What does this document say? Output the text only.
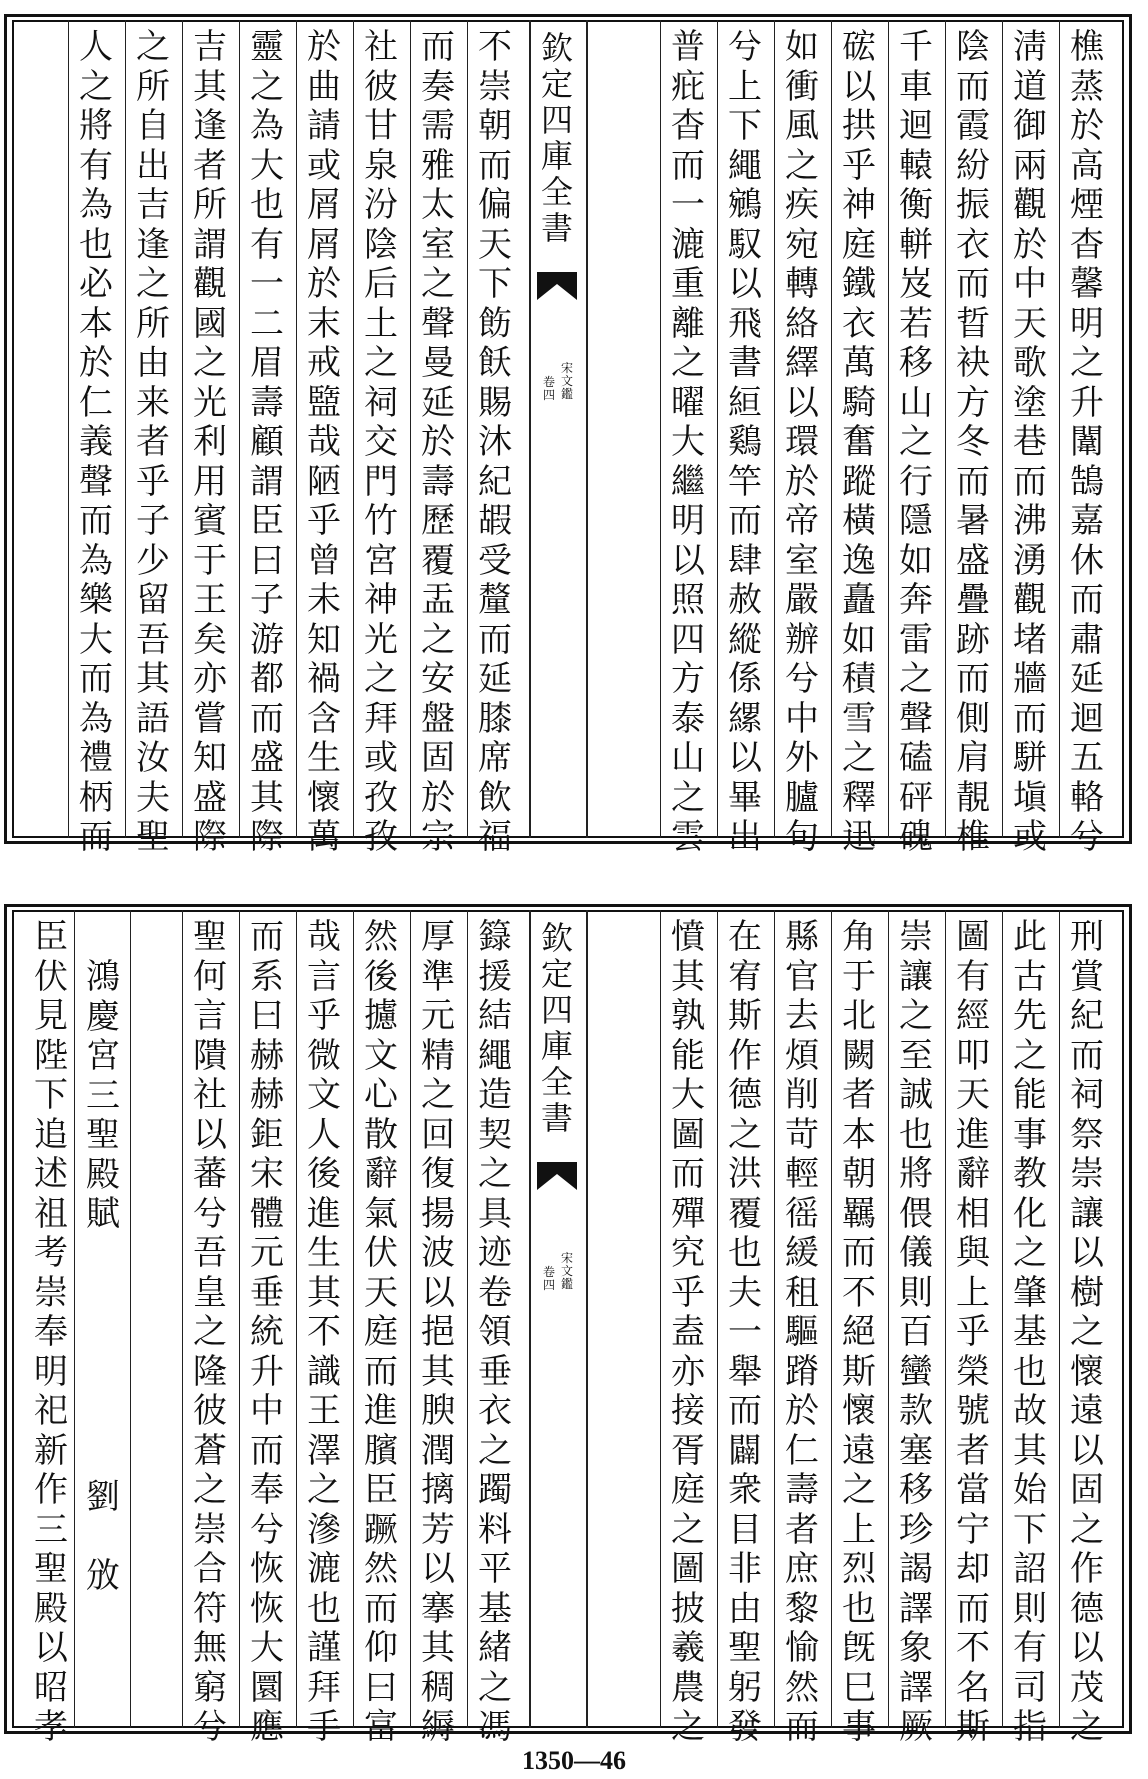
欽
定
四
庫
全
書
宋
文
鑑
卷
四
樵
蒸
於
高
煙
杳
馨
明
之
升
闈
鵠
嘉
休
而
肅
延
迴
五
輅
兮
淸
道
御
兩
觀
於
中
天
歌
塗
巷
而
沸
湧
觀
堵
牆
而
駢
塡
或
陰
而
霞
紛
振
衣
而
晢
袂
方
冬
而
暑
盛
疊
跡
而
側
肩
靚
椎
千
車
迴
轅
衡
軿
岌
若
移
山
之
行
隱
如
奔
雷
之
聲
磕
砰
磈
硡
以
拱
乎
神
庭
鐵
衣
萬
騎
奮
蹤
橫
逸
矗
如
積
雪
之
釋
迅
如
衝
風
之
疾
宛
轉
絡
繹
以
環
於
帝
室
嚴
辦
兮
中
外
臚
句
兮
上
下
繩
鵷
馭
以
飛
書
絙
鷄
竿
而
肆
赦
縱
係
縲
以
畢
出
普
疪
杳
而
一
漉
重
離
之
曜
大
繼
明
以
照
四
方
泰
山
之
雲
不
崇
朝
而
偏
天
下
飭
飫
賜
沐
紀
嘏
受
釐
而
延
膝
席
飲
福
而
奏
需
雅
太
室
之
聲
曼
延
於
壽
歷
覆
盂
之
安
盤
固
於
宗
社
彼
甘
泉
汾
陰
后
土
之
祠
交
門
竹
宮
神
光
之
拜
或
孜
孜
於
曲
請
或
屑
屑
於
末
戒
盬
哉
陋
乎
曾
未
知
禍
含
生
懷
萬
靈
之
為
大
也
有
一
二
眉
壽
顧
謂
臣
曰
子
游
都
而
盛
其
際
吉
其
逢
者
所
謂
觀
國
之
光
利
用
賓
于
王
矣
亦
嘗
知
盛
際
之
所
自
出
吉
逢
之
所
由
来
者
乎
子
少
留
吾
其
語
汝
夫
聖
人
之
將
有
為
也
必
本
於
仁
義
聲
而
為
樂
大
而
為
禮
柄
而
欽
定
四
庫
全
書
宋
文
鑑
卷
四
鴻
慶
宮
三
聖
殿
賦
劉

攽
臣
伏
見
陛
下
追
述
祖
考
崇
奉
明
祀
新
作
三
聖
殿
以
昭
孝
刑
賞
紀
而
祠
祭
崇
讓
以
樹
之
懷
遠
以
固
之
作
德
以
茂
之
此
古
先
之
能
事
教
化
之
肇
基
也
故
其
始
下
詔
則
有
司
指
圖
有
經
叩
天
進
辭
相
與
上
乎
榮
號
者
當
宁
却
而
不
名
斯
崇
讓
之
至
誠
也
將
偎
儀
則
百
蠻
款
塞
移
珍
謁
譯
象
譯
厥
角
于
北
闕
者
本
朝
羈
而
不
絕
斯
懷
遠
之
上
烈
也
旣
巳
事
縣
官
去
煩
削
苛
輕
徭
緩
租
驅
蹐
於
仁
壽
者
庶
黎
愉
然
而
在
宥
斯
作
德
之
洪
覆
也
夫
一
舉
而
闢
衆
目
非
由
聖
躬
發
憤
其
孰
能
大
圖
而
殫
究
乎
盍
亦
接
胥
庭
之
圖
披
羲
農
之
籙
援
結
繩
造
契
之
具
迹
卷
領
垂
衣
之
躅
料
平
基
緒
之
馮
厚
準
元
精
之
回
復
揚
波
以
挹
其
腴
潤
摛
芳
以
搴
其
稠
縟
然
後
攄
文
心
散
辭
氣
伏
天
庭
而
進
臏
臣
蹶
然
而
仰
曰
富
哉
言
乎
微
文
人
後
進
生
其
不
識
王
澤
之
滲
漉
也
謹
拜
手
而
系
曰
赫
赫
鉅
宋
體
元
垂
統
升
中
而
奉
兮
恢
恢
大
圜
應
聖
何
言
隤
社
以
蕃
兮
吾
皇
之
隆
彼
蒼
之
崇
合
符
無
窮
兮
1350—46
